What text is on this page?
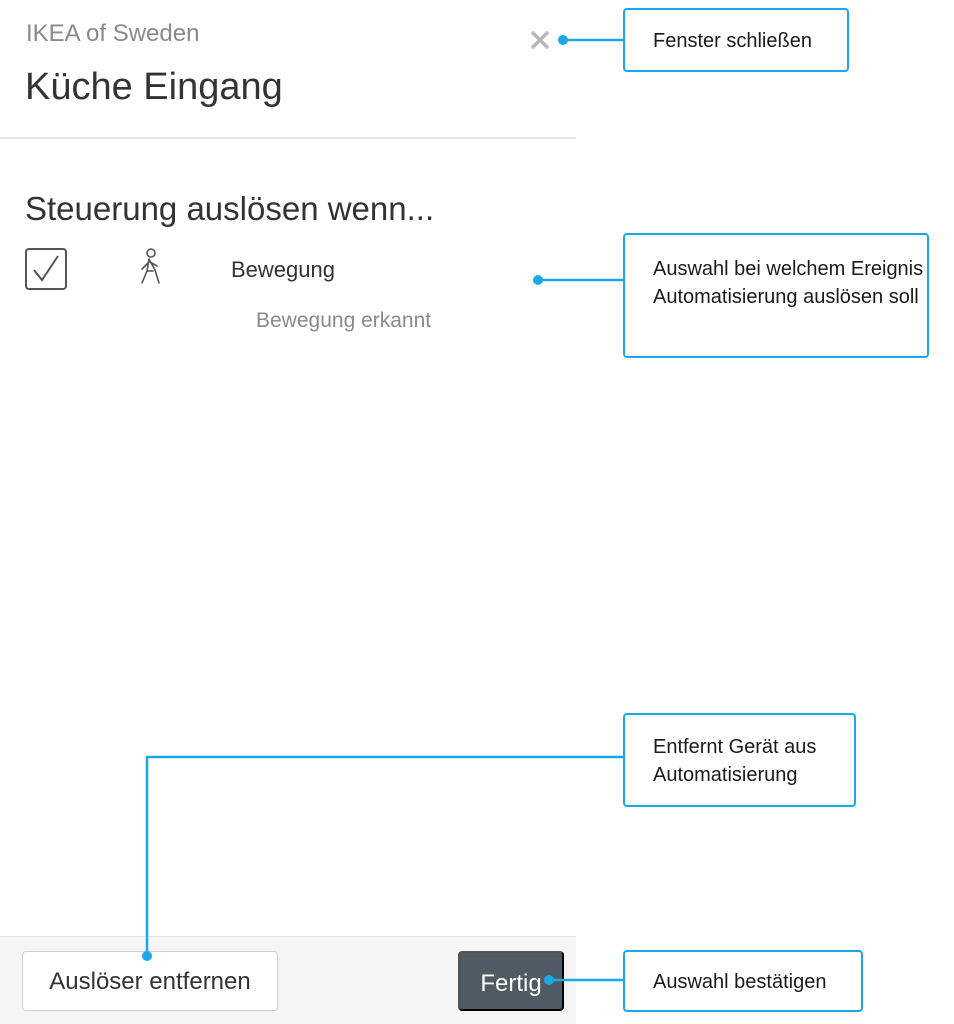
IKEA of Sweden
Küche Eingang
Steuerung auslösen wenn...
Bewegung
Bewegung erkannt
Auslöser entfernen	Fertig
Fenster schließen
Auswahl bei welchem Ereignis Automatisierung auslösen soll
Entfernt Gerät aus Automatisierung
Auswahl bestätigen
